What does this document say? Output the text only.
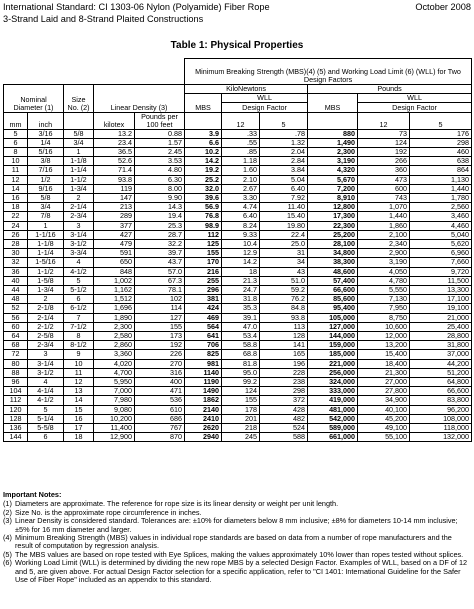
International Standard: CI 1303-06 Nylon (Polyamide) Fiber Rope	October 2008
3-Strand Laid and 8-Strand Plaited Constructions
Table 1: Physical Properties
					Minimum Breaking Strength (MBS)(4) (5) and Working Load Limit (6) (WLL) for Two Design Factors					
Nominal Diameter (1)		Size No. (2)	Linear Density (3)		KiloNewtons			Pounds		
					MBS	WLL		MBS	WLL	
						Design Factor			Design Factor	
mm	inch		kilotex	Pounds per 100 feet		12	5		12	5
5	3/16	5/8	13.2	0.88	3.9	.33	.78	880	73	176
6	1/4	3/4	23.4	1.57	6.6	.55	1.32	1,490	124	298
8	5/16	1	36.5	2.45	10.2	.85	2.04	2,300	192	460
10	3/8	1-1/8	52.6	3.53	14.2	1.18	2.84	3,190	266	638
11	7/16	1-1/4	71.4	4.80	19.2	1.60	3.84	4,320	360	864
12	1/2	1-1/2	93.8	6.30	25.2	2.10	5.04	5,670	473	1,130
14	9/16	1-3/4	119	8.00	32.0	2.67	6.40	7,200	600	1,440
16	5/8	2	147	9.90	39.6	3.30	7.92	8,910	743	1,780
18	3/4	2-1/4	213	14.3	56.9	4.74	11.40	12,800	1,070	2,560
22	7/8	2-3/4	289	19.4	76.8	6.40	15.40	17,300	1,440	3,460
24	1	3	377	25.3	98.9	8.24	19.80	22,300	1,860	4,460
26	1-1/16	3-1/4	427	28.7	112	9.33	22.4	25,200	2,100	5,040
28	1-1/8	3-1/2	479	32.2	125	10.4	25.0	28,100	2,340	5,620
30	1-1/4	3-3/4	591	39.7	155	12.9	31	34,800	2,900	6,960
32	1-5/16	4	650	43.7	170	14.2	34	38,300	3,190	7,660
36	1-1/2	4-1/2	848	57.0	216	18	43	48,600	4,050	9,720
40	1-5/8	5	1,002	67.3	255	21.3	51.0	57,400	4,780	11,500
44	1-3/4	5-1/2	1,162	78.1	296	24.7	59.2	66,600	5,550	13,300
48	2	6	1,512	102	381	31.8	76.2	85,600	7,130	17,100
52	2-1/8	6-1/2	1,696	114	424	35.3	84.8	95,400	7,950	19,100
56	2-1/4	7	1,890	127	469	39.1	93.8	105,000	8,750	21,000
60	2-1/2	7-1/2	2,300	155	564	47.0	113	127,000	10,600	25,400
64	2-5/8	8	2,580	173	641	53.4	128	144,000	12,000	28,800
68	2-3/4	8-1/2	2,860	192	706	58.8	141	159,000	13,200	31,800
72	3	9	3,360	226	825	68.8	165	185,000	15,400	37,000
80	3-1/4	10	4,020	270	981	81.8	196	221,000	18,400	44,200
88	3-1/2	11	4,700	316	1140	95.0	228	256,000	21,300	51,200
96	4	12	5,950	400	1190	99.2	238	324,000	27,000	64,800
104	4-1/4	13	7,000	471	1490	124	298	333,000	27,800	66,600
112	4-1/2	14	7,980	536	1862	155	372	419,000	34,900	83,800
120	5	15	9,080	610	2140	178	428	481,000	40,100	96,200
128	5-1/4	16	10,200	686	2410	201	482	542,000	45,200	108,000
136	5-5/8	17	11,400	767	2620	218	524	589,000	49,100	118,000
144	6	18	12,900	870	2940	245	588	661,000	55,100	132,000
Important Notes:
(1) Diameters are approximate. The reference for rope size is its linear density or weight per unit length.
(2) Size No. is the approximate rope circumference in inches.
(3) Linear Density is considered standard. Tolerances are: ±10% for diameters below 8 mm inclusive; ±8% for diameters 10-14 mm inclusive; ±5% for 16 mm diameter and larger.
(4) Minimum Breaking Strength (MBS) values in individual rope standards are based on data from a number of rope manufacturers and the result of computation by regression analysis.
(5) The MBS values are based on rope tested with Eye Splices, making the values approximately 10% lower than ropes tested without splices.
(6) Working Load Limit (WLL) is determined by dividing the new rope MBS by a selected Design Factor. Examples of WLL, based on a DF of 12 and 5, are given above. For actual Design Factor selection for a specific application, refer to "CI 1401: International Guideline for the Safer Use of Fiber Rope" included as an appendix to this standard.
